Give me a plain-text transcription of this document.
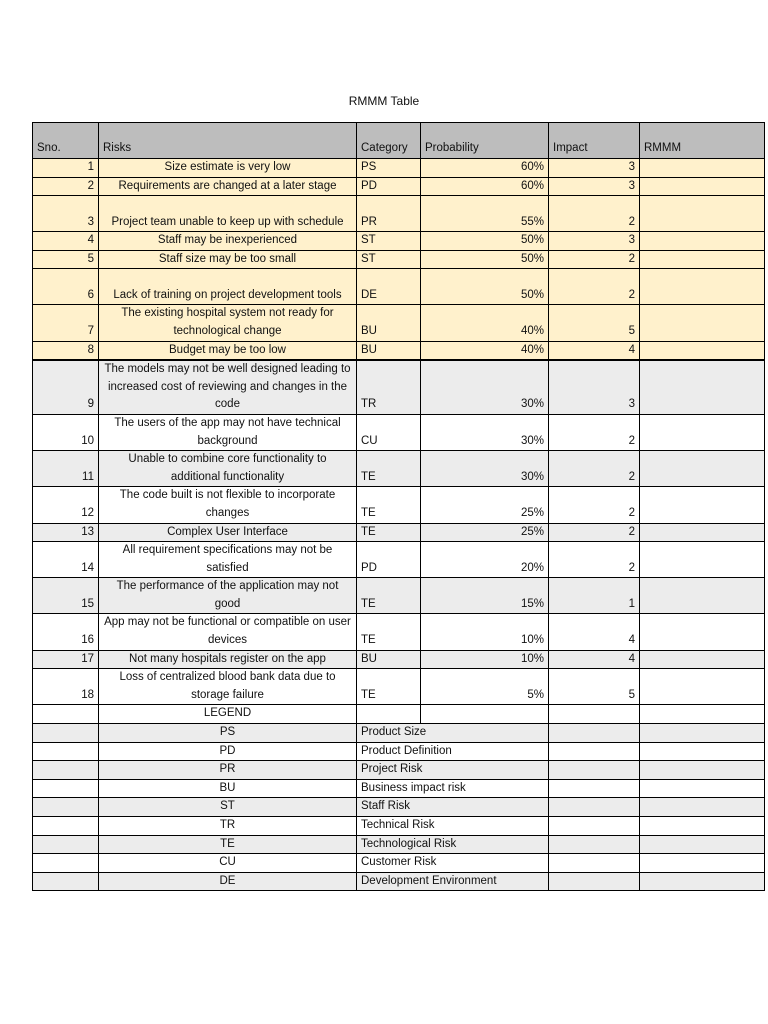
RMMM Table
Sno.	Risks	Category	Probability	Impact	RMMM
1	Size estimate is very low	PS	60%	3	
2	Requirements are changed at a later stage	PD	60%	3	
3	Project team unable to keep up with schedule	PR	55%	2	
4	Staff may be inexperienced	ST	50%	3	
5	Staff size may be too small	ST	50%	2	
6	Lack of training on project development tools	DE	50%	2	
7	The existing hospital system not ready for technological change	BU	40%	5	
8	Budget may be too low	BU	40%	4	
9	The models may not be well designed leading to increased cost of reviewing and changes in the code	TR	30%	3	
10	The users of the app may not have technical background	CU	30%	2	
11	Unable to combine core functionality to additional functionality	TE	30%	2	
12	The code built is not flexible to incorporate changes	TE	25%	2	
13	Complex User Interface	TE	25%	2	
14	All requirement specifications may not be satisfied	PD	20%	2	
15	The performance of the application may not good	TE	15%	1	
16	App may not be functional or compatible on user devices	TE	10%	4	
17	Not many hospitals register on the app	BU	10%	4	
18	Loss of centralized blood bank data due to storage failure	TE	5%	5	
	LEGEND				
	PS	Product Size			
	PD	Product Definition			
	PR	Project Risk			
	BU	Business impact risk			
	ST	Staff Risk			
	TR	Technical Risk			
	TE	Technological Risk			
	CU	Customer Risk			
	DE	Development Environment			
